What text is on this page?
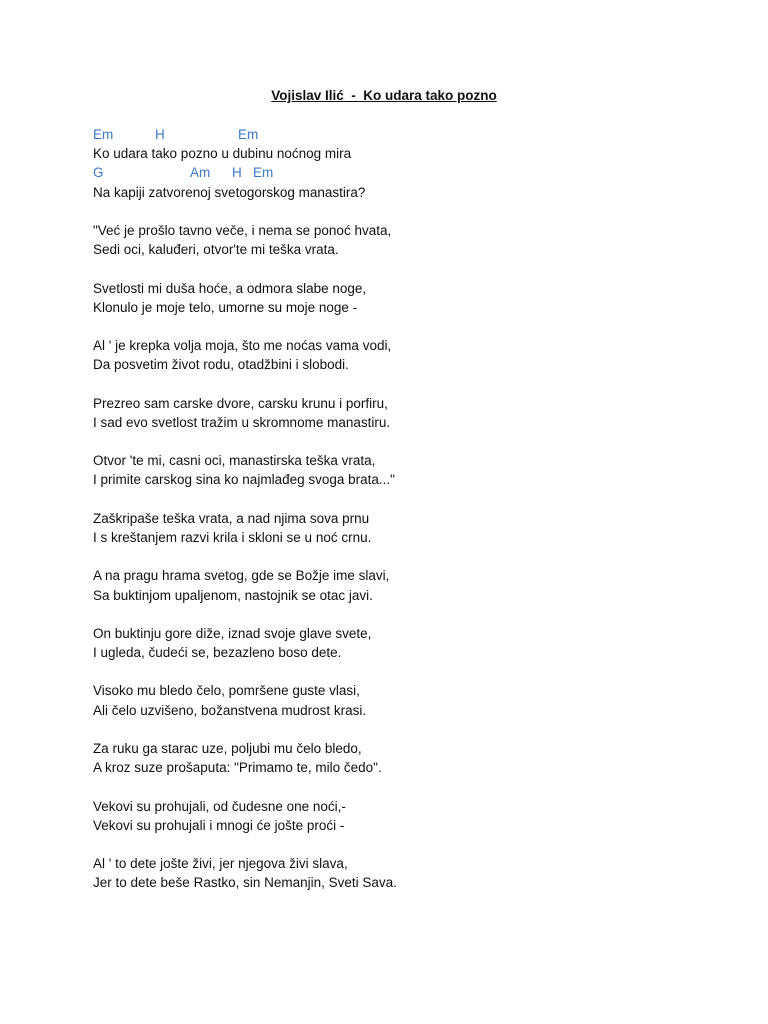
Vojislav Ilić  -  Ko udara tako pozno
Em	H	Em
Ko udara tako pozno u dubinu noćnog mira
G	Am H Em
Na kapiji zatvorenoj svetogorskog manastira?
"Već je prošlo tavno veče, i nema se ponoć hvata,
Sedi oci, kaluđeri, otvor'te mi teška vrata.
Svetlosti mi duša hoće, a odmora slabe noge,
Klonulo je moje telo, umorne su moje noge -
Al ' je krepka volja moja, što me noćas vama vodi,
Da posvetim život rodu, otadžbini i slobodi.
Prezreo sam carske dvore, carsku krunu i porfiru,
I sad evo svetlost tražim u skromnome manastiru.
Otvor 'te mi, casni oci, manastirska teška vrata,
I primite carskog sina ko najmlađeg svoga brata..."
Zaškripaše teška vrata, a nad njima sova prnu
I s kreštanjem razvi krila i skloni se u noć crnu.
A na pragu hrama svetog, gde se Božje ime slavi,
Sa buktinjom upaljenom, nastojnik se otac javi.
On buktinju gore diže, iznad svoje glave svete,
I ugleda, čudeći se, bezazleno boso dete.
Visoko mu bledo čelo, pomršene guste vlasi,
Ali čelo uzvišeno, božanstvena mudrost krasi.
Za ruku ga starac uze, poljubi mu čelo bledo,
A kroz suze prošaputa: "Primamo te, milo čedo".
Vekovi su prohujali, od čudesne one noći,-
Vekovi su prohujali i mnogi će jošte proći -
Al ' to dete jošte živi, jer njegova živi slava,
Jer to dete beše Rastko, sin Nemanjin, Sveti Sava.
